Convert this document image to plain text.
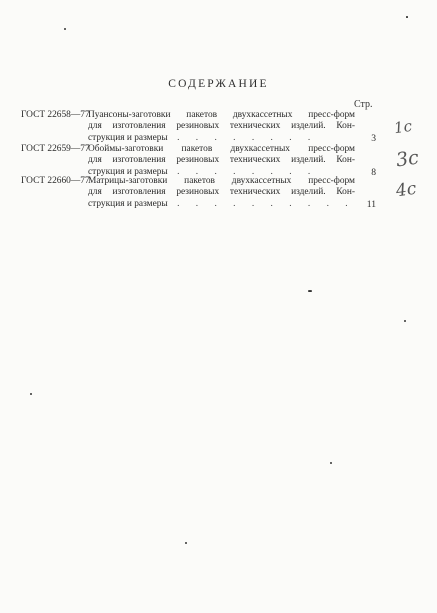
СОДЕРЖАНИЕ
Стр.
ГОСТ 22658—77
Пуансоны-заготовки пакетов двухкассетных пресс-форм
для изготовления резиновых технических изделий. Кон-
струкция и размеры . . . . . . . .	3
ГОСТ 22659—77
Обоймы-заготовки пакетов двухкассетных пресс-форм
для изготовления резиновых технических изделий. Кон-
струкция и размеры . . . . . . . .	8
ГОСТ 22660—77
Матрицы-заготовки пакетов двухкассетных пресс-форм
для изготовления резиновых технических изделий. Кон-
струкция и размеры . . . . . . . . . . 11
1с
3с
4с
